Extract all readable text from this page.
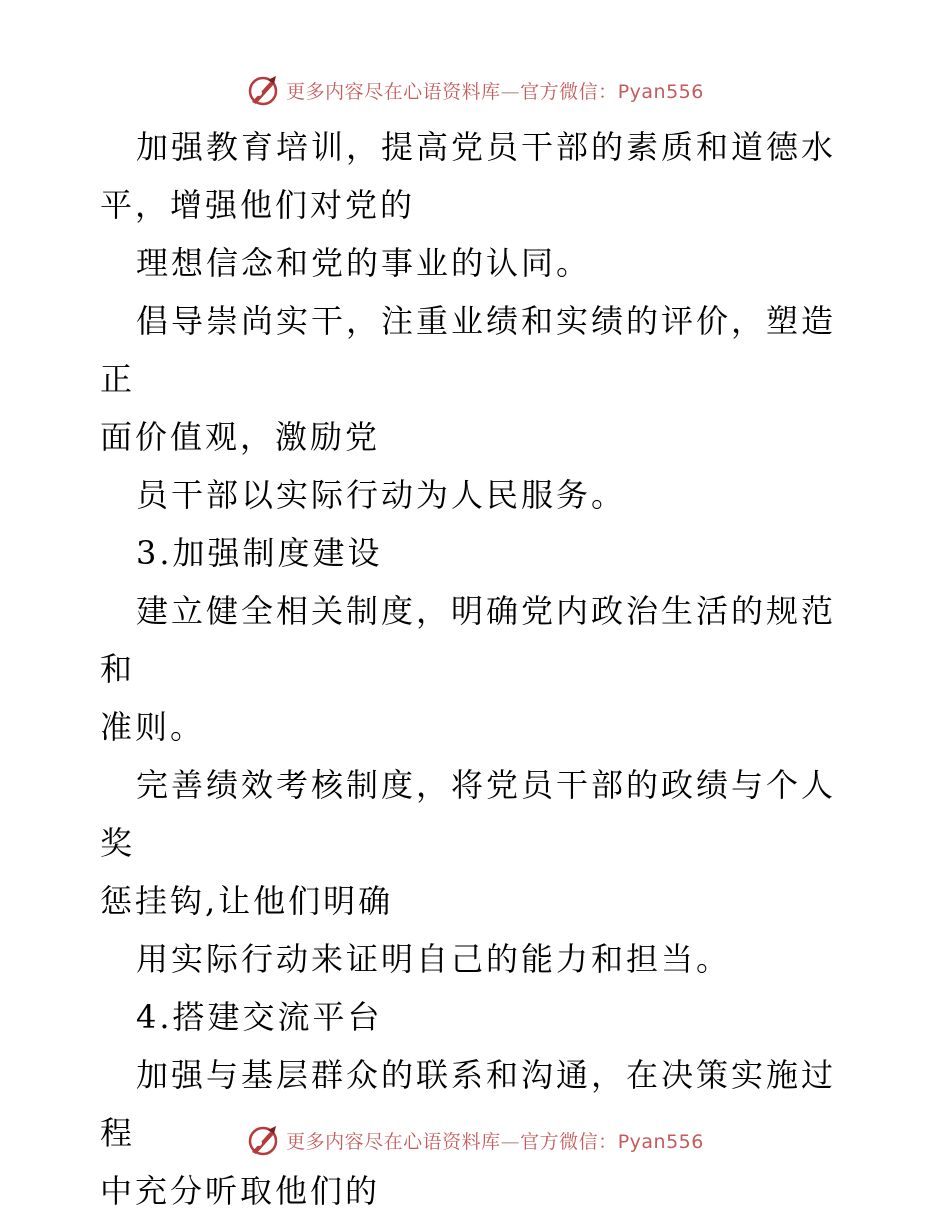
更多内容尽在心语资料库—官方微信：Pyan556

加强教育培训，提高党员干部的素质和道德水
平，增强他们对党的

理想信念和党的事业的认同。

倡导崇尚实干，注重业绩和实绩的评价，塑造正
面价值观，激励党

员干部以实际行动为人民服务。

3.加强制度建设

建立健全相关制度，明确党内政治生活的规范和
准则。

完善绩效考核制度，将党员干部的政绩与个人奖
惩挂钩,让他们明确

用实际行动来证明自己的能力和担当。

4.搭建交流平台

加强与基层群众的联系和沟通，在决策实施过程
中充分听取他们的

更多内容尽在心语资料库—官方微信：Pyan556
